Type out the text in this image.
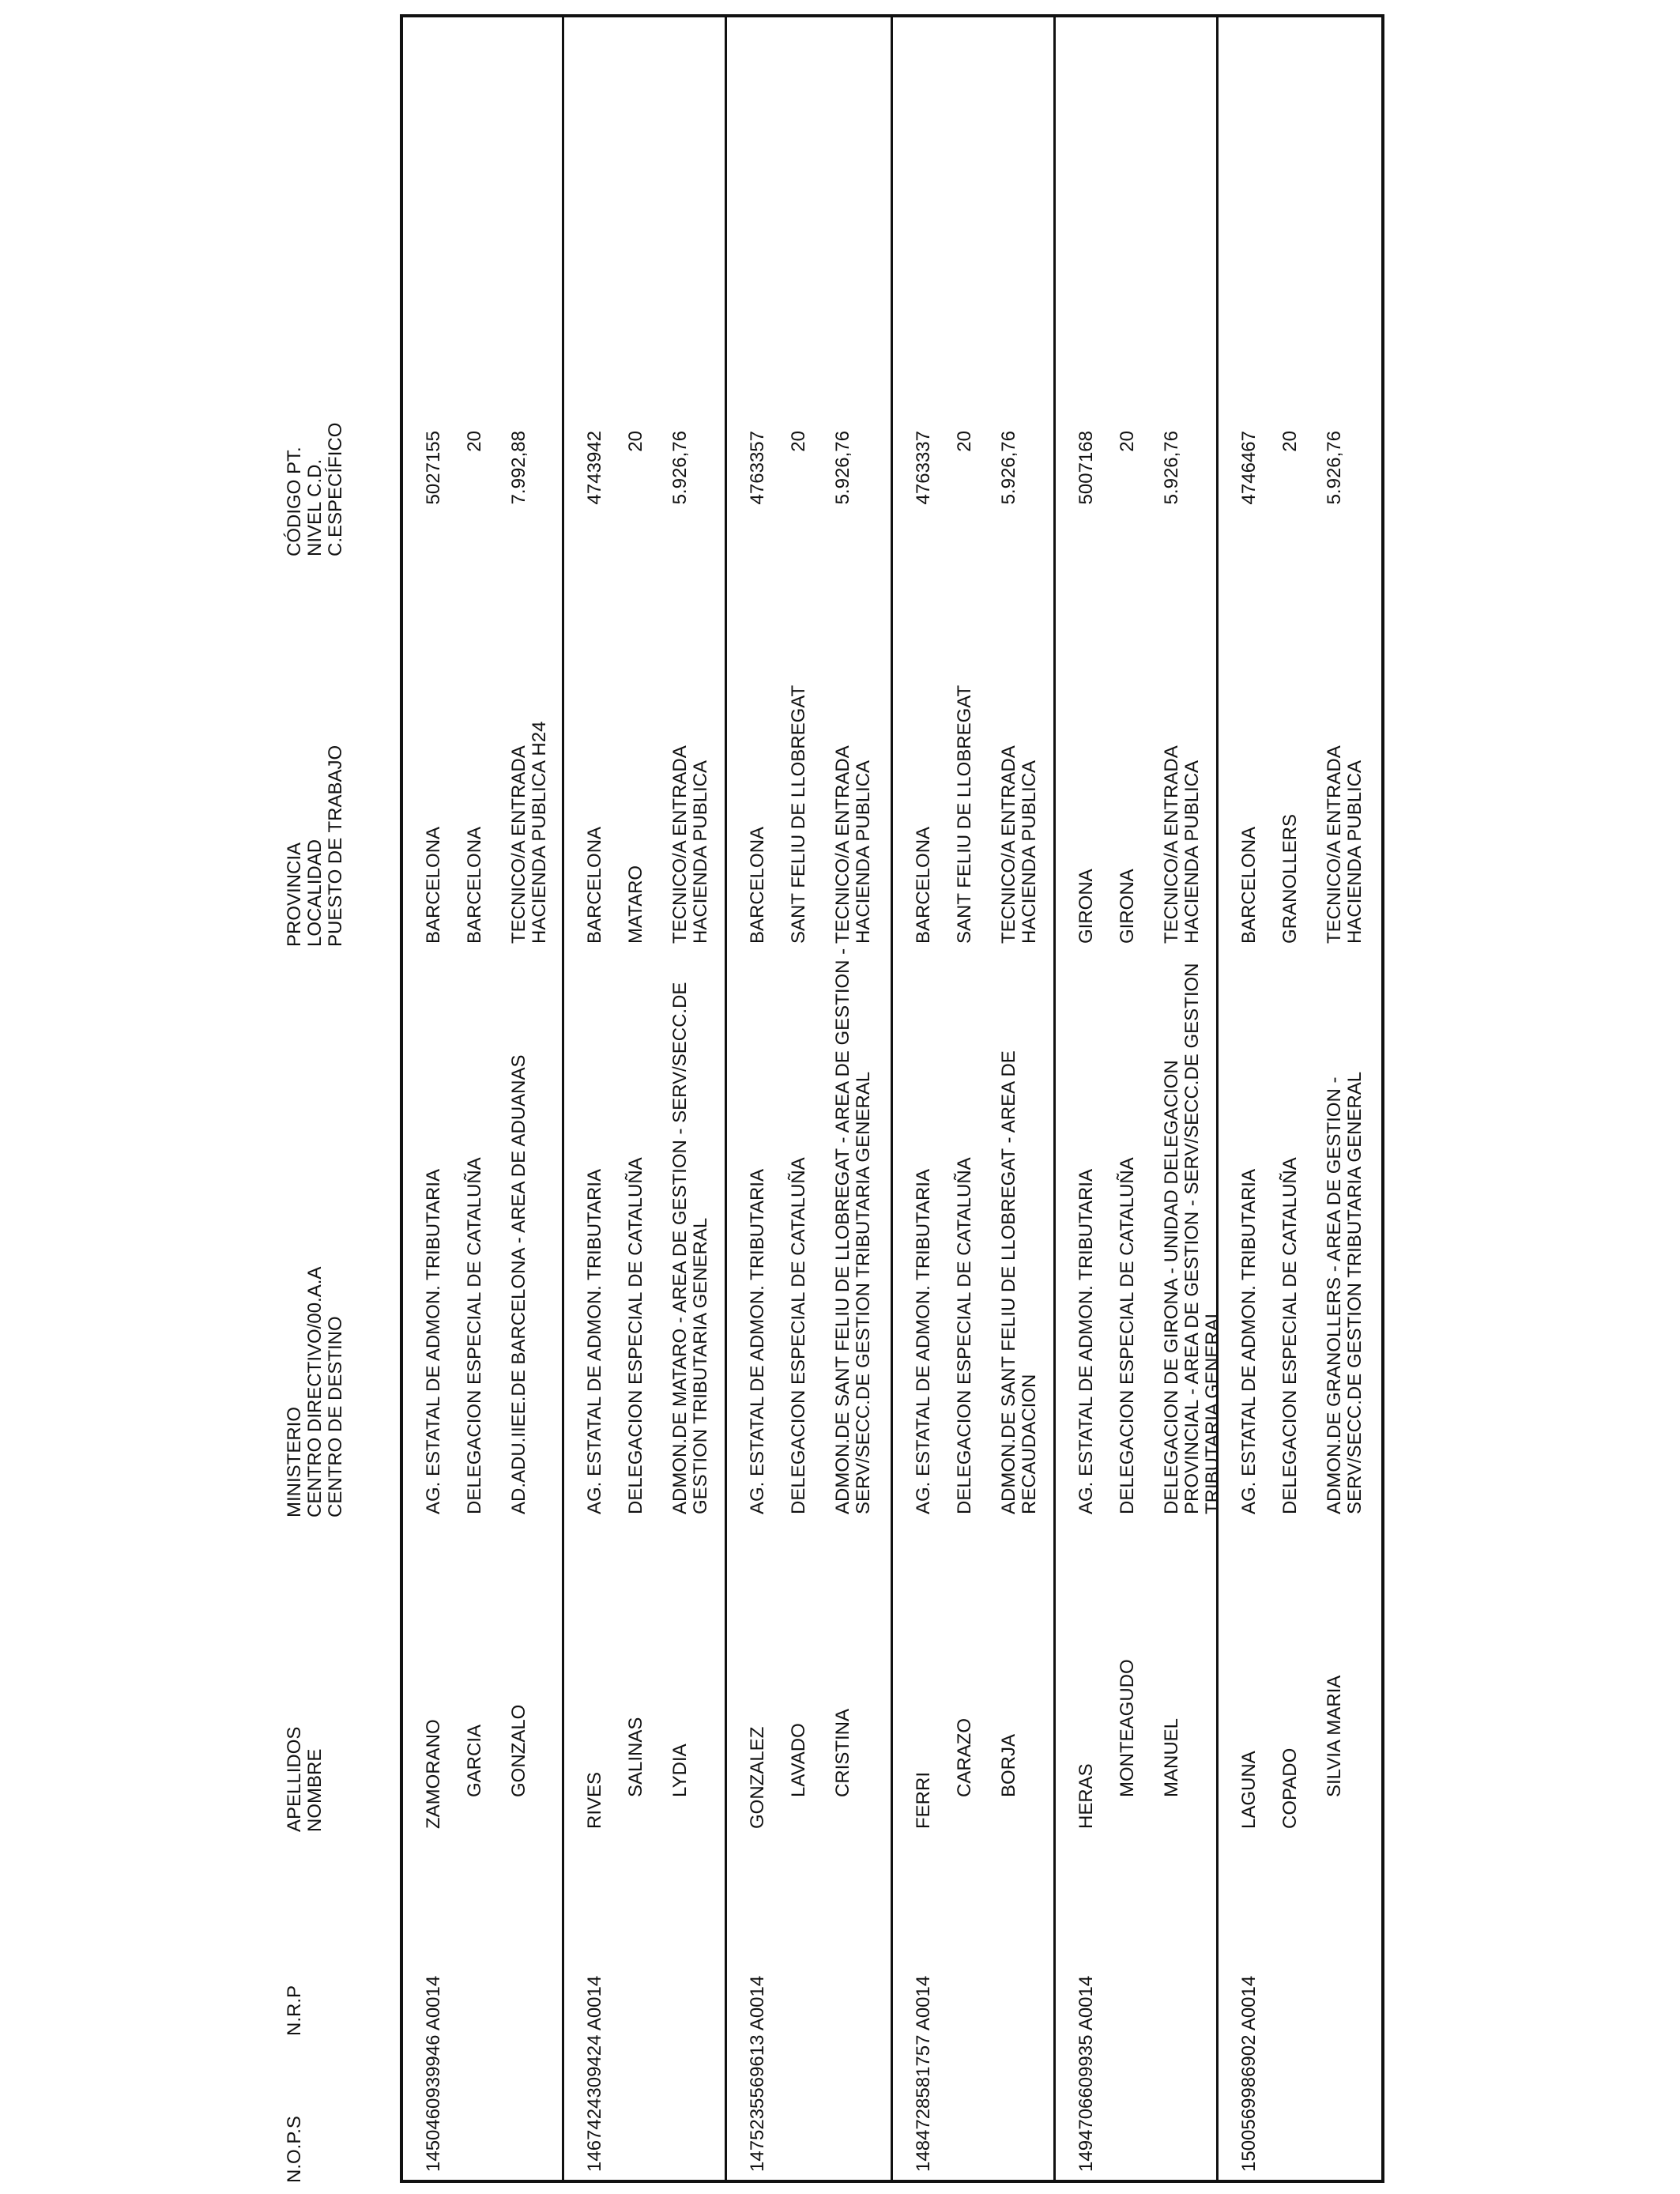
N.O.P.S
N.R.P
APELLIDOS NOMBRE
MINISTERIO CENTRO DIRECTIVO/00.A.A CENTRO DE DESTINO
PROVINCIA LOCALIDAD PUESTO DE TRABAJO
CÓDIGO PT. NIVEL C.D. C.ESPECÍFICO
145
0460939946 A0014
ZAMORANO GARCIA GONZALO
AG. ESTATAL DE ADMON. TRIBUTARIA DELEGACION ESPECIAL DE CATALUÑA AD.ADU.IIEE.DE BARCELONA - AREA DE ADUANAS
BARCELONA BARCELONA TECNICO/A ENTRADA HACIENDA PUBLICA H24
5027155 20 7.992,88
146
7424309424 A0014
RIVES
SALINAS LYDIA
AG. ESTATAL DE ADMON. TRIBUTARIA DELEGACION ESPECIAL DE CATALUÑA ADMON.DE MATARO - AREA DE GESTION - SERV/SECC.DE GESTION TRIBUTARIA GENERAL
BARCELONA MATARO TECNICO/A ENTRADA HACIENDA PUBLICA
4743942 20 5.926,76
147
5235569613 A0014
GONZALEZ LAVADO CRISTINA
AG. ESTATAL DE ADMON. TRIBUTARIA DELEGACION ESPECIAL DE CATALUÑA ADMON.DE SANT FELIU DE LLOBREGAT - AREA DE GESTION - SERV/SECC.DE GESTION TRIBUTARIA GENERAL
BARCELONA SANT FELIU DE LLOBREGAT TECNICO/A ENTRADA HACIENDA PUBLICA
4763357 20 5.926,76
148
4728581757 A0014
FERRI
CARAZO BORJA
AG. ESTATAL DE ADMON. TRIBUTARIA DELEGACION ESPECIAL DE CATALUÑA ADMON.DE SANT FELIU DE LLOBREGAT - AREA DE RECAUDACION
BARCELONA SANT FELIU DE LLOBREGAT TECNICO/A ENTRADA HACIENDA PUBLICA
4763337 20 5.926,76
149
4706609935 A0014
HERAS MONTEAGUDO MANUEL
AG. ESTATAL DE ADMON. TRIBUTARIA DELEGACION ESPECIAL DE CATALUÑA DELEGACION DE GIRONA - UNIDAD DELEGACION PROVINCIAL - AREA DE GESTION - SERV/SECC.DE GESTION TRIBUTARIA GENERAL
GIRONA GIRONA TECNICO/A ENTRADA HACIENDA PUBLICA
5007168 20 5.926,76
150
0569986902 A0014
LAGUNA COPADO SILVIA MARIA
AG. ESTATAL DE ADMON. TRIBUTARIA DELEGACION ESPECIAL DE CATALUÑA ADMON.DE GRANOLLERS - AREA DE GESTION - SERV/SECC.DE GESTION TRIBUTARIA GENERAL
BARCELONA GRANOLLERS TECNICO/A ENTRADA HACIENDA PUBLICA
4746467 20 5.926,76
